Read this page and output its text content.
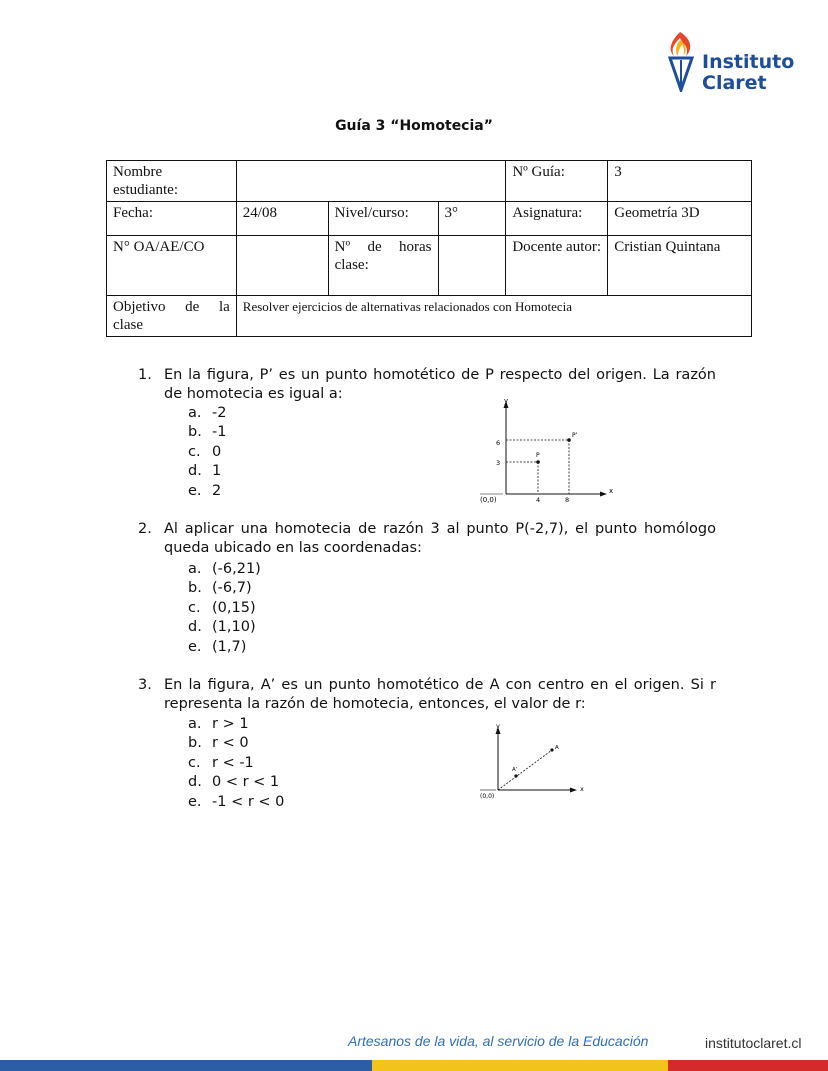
Instituto
Claret
Guía 3 “Homotecia”
Nombre estudiante:				Nº Guía:	3
Fecha:	24/08	Nivel/curso:	3°	Asignatura:	Geometría 3D
N° OA/AE/CO		Nº de horas clase:		Docente autor:	Cristian Quintana
Objetivo de la clase	Resolver ejercicios de alternativas relacionados con Homotecia				
1. En la figura, P’ es un punto homotético de P respecto del origen. La razón de homotecia es igual a:
a. -2
b. -1
c. 0
d. 1
e. 2
y
x
(0,0)
6
3
4	8
P’
P
2. Al aplicar una homotecia de razón 3 al punto P(-2,7), el punto homólogo queda ubicado en las coordenadas:
a. (-6,21)
b. (-6,7)
c. (0,15)
d. (1,10)
e. (1,7)
3. En la figura, A’ es un punto homotético de A con centro en el origen. Si r representa la razón de homotecia, entonces, el valor de r:
a. r > 1
b. r < 0
c. r < -1
d. 0 < r < 1
e. -1 < r < 0
y
x
(0,0)
A’
A
Artesanos de la vida, al servicio de la Educación	institutoclaret.cl
